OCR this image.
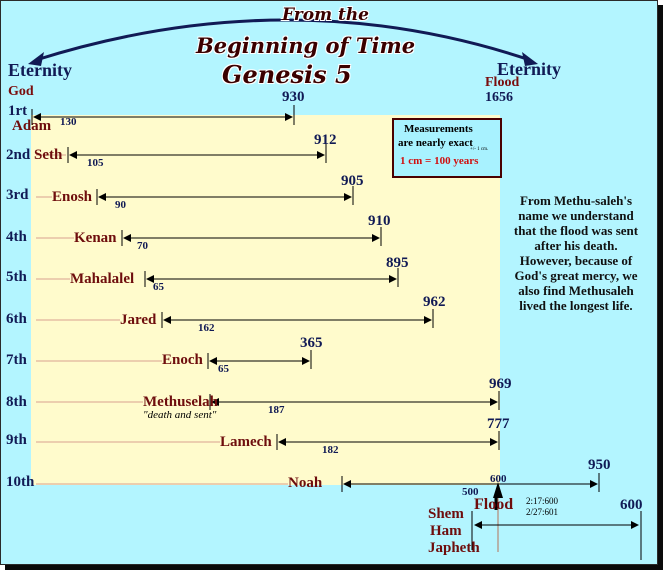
From the
Beginning of Time
Genesis 5
Eternity
God
Eternity
Flood
1656
Measurements
are nearly exact
+/- 1 cm.
1 cm = 100 years
1rt
2nd
3rd
4th
5th
6th
7th
8th
9th
10th
Adam
Seth
Enosh
Kenan
Mahalalel
Jared
Enoch
Methuselah
"death and sent"
Lamech
Noah
130
105
90
70
65
162
65
187
182
500
930
912
905
910
895
962
365
969
777
600
950
Flood 2:17:600
2/27:601
Shem
Ham
Japheth
600
From Methu-saleh's name we understand that the flood was sent after his death. However, because of God's great mercy, we also find Methusaleh lived the longest life.
